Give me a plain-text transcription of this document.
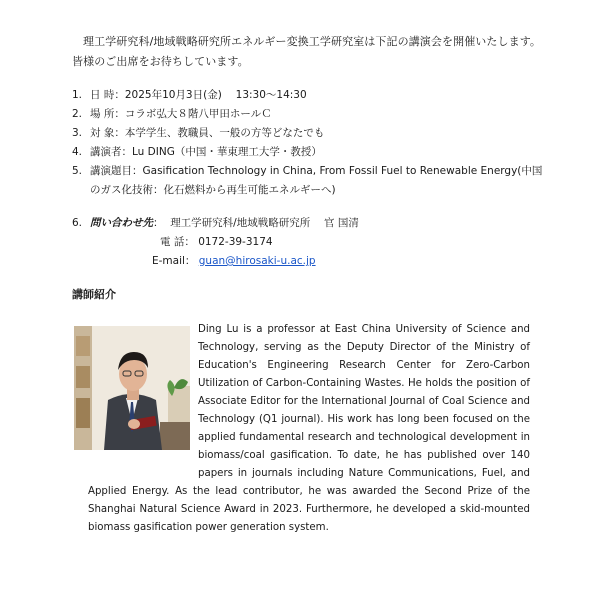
理工学研究科/地域戦略研究所エネルギー変換工学研究室は下記の講演会を開催いたします。皆様のご出席をお待ちしています。
1. 日 時：2025年10月3日(金)　 13:30～14:30
2. 場 所：コラボ弘大８階八甲田ホールＣ
3. 対 象：本学学生、教職員、一般の方等どなたでも
4. 講演者：Lu DING（中国・華東理工大学・教授）
5. 講演題目：Gasification Technology in China, From Fossil Fuel to Renewable Energy(中国のガス化技術：化石燃料から再生可能エネルギーへ)
6. 問い合わせ先： 理工学研究科/地域戦略研究所　 官 国清
電 話： 0172-39-3174
E-mail： guan@hirosaki-u.ac.jp
講師紹介
Ding Lu is a professor at East China University of Science and Technology, serving as the Deputy Director of the Ministry of Education's Engineering Research Center for Zero-Carbon Utilization of Carbon-Containing Wastes. He holds the position of Associate Editor for the International Journal of Coal Science and Technology (Q1 journal). His work has long been focused on the applied fundamental research and technological development in biomass/coal gasification. To date, he has published over 140 papers in journals including Nature Communications, Fuel, and Applied Energy. As the lead contributor, he was awarded the Second Prize of the Shanghai Natural Science Award in 2023. Furthermore, he developed a skid-mounted biomass gasification power generation system.
